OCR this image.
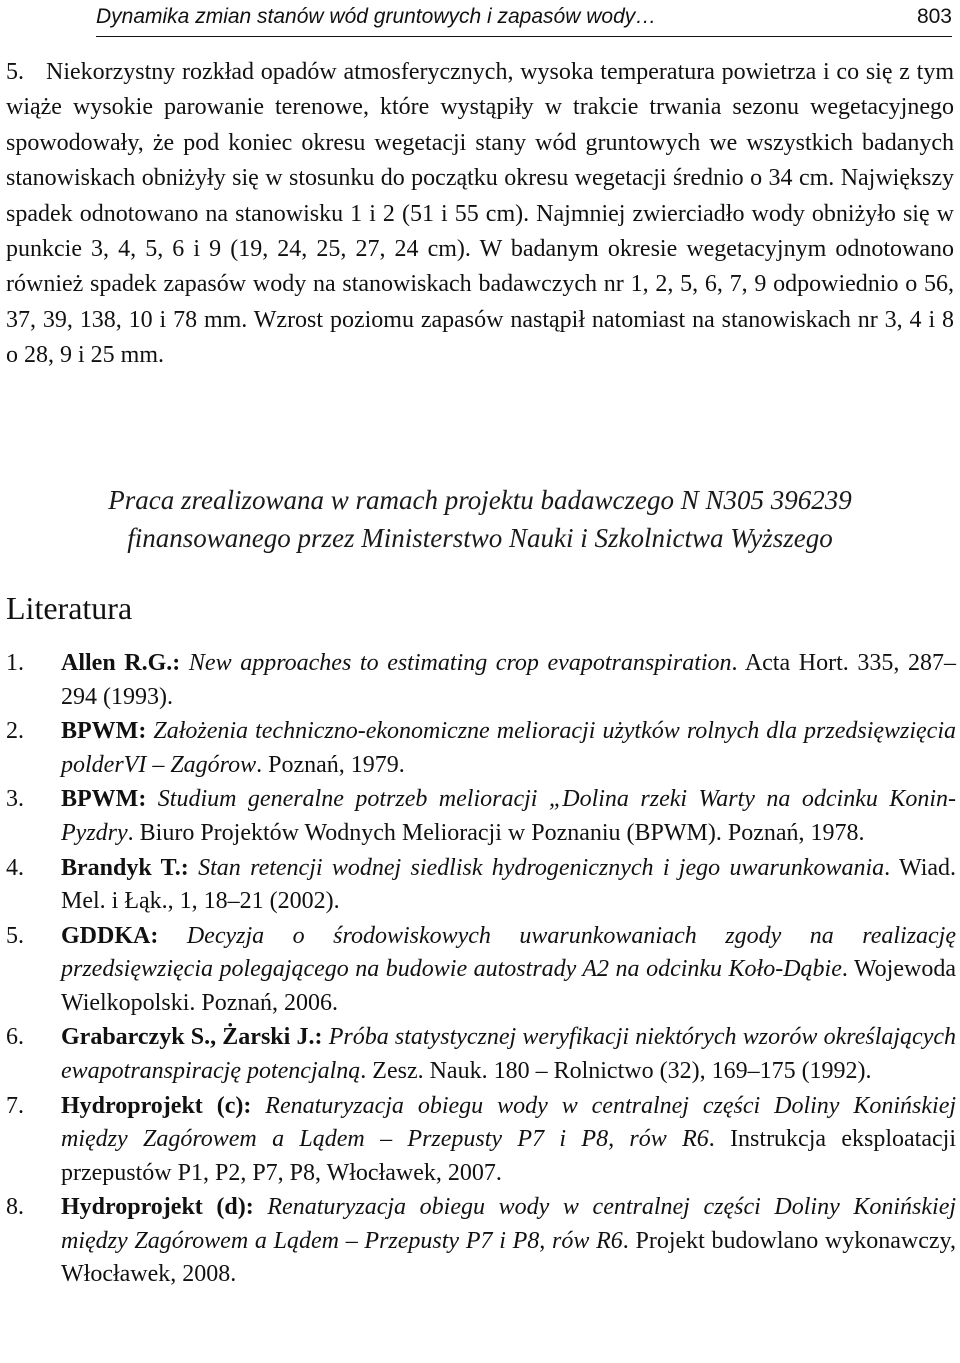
Dynamika zmian stanów wód gruntowych i zapasów wody…	803
5. Niekorzystny rozkład opadów atmosferycznych, wysoka temperatura powietrza i co się z tym wiąże wysokie parowanie terenowe, które wystąpiły w trakcie trwania sezonu wegetacyjnego spowodowały, że pod koniec okresu wegetacji stany wód gruntowych we wszystkich badanych stanowiskach obniżyły się w stosunku do początku okresu wegetacji średnio o 34 cm. Największy spadek odnotowano na stanowisku 1 i 2 (51 i 55 cm). Najmniej zwierciadło wody obniżyło się w punkcie 3, 4, 5, 6 i 9 (19, 24, 25, 27, 24 cm). W badanym okresie wegetacyjnym odnotowano również spadek zapasów wody na stanowiskach badawczych nr 1, 2, 5, 6, 7, 9 odpowiednio o 56, 37, 39, 138, 10 i 78 mm. Wzrost poziomu zapasów nastąpił natomiast na stanowiskach nr 3, 4 i 8 o 28, 9 i 25 mm.
Praca zrealizowana w ramach projektu badawczego N N305 396239
finansowanego przez Ministerstwo Nauki i Szkolnictwa Wyższego
Literatura
1. Allen R.G.: New approaches to estimating crop evapotranspiration. Acta Hort. 335, 287–294 (1993).
2. BPWM: Założenia techniczno-ekonomiczne melioracji użytków rolnych dla przedsięwzięcia polderVI – Zagórow. Poznań, 1979.
3. BPWM: Studium generalne potrzeb melioracji „Dolina rzeki Warty na odcinku Konin-Pyzdry. Biuro Projektów Wodnych Melioracji w Poznaniu (BPWM). Poznań, 1978.
4. Brandyk T.: Stan retencji wodnej siedlisk hydrogenicznych i jego uwarunkowania. Wiad. Mel. i Łąk., 1, 18–21 (2002).
5. GDDKA: Decyzja o środowiskowych uwarunkowaniach zgody na realizację przedsięwzięcia polegającego na budowie autostrady A2 na odcinku Koło-Dąbie. Wojewoda Wielkopolski. Poznań, 2006.
6. Grabarczyk S., Żarski J.: Próba statystycznej weryfikacji niektórych wzorów określających ewapotranspirację potencjalną. Zesz. Nauk. 180 – Rolnictwo (32), 169–175 (1992).
7. Hydroprojekt (c): Renaturyzacja obiegu wody w centralnej części Doliny Konińskiej między Zagórowem a Lądem – Przepusty P7 i P8, rów R6. Instrukcja eksploatacji przepustów P1, P2, P7, P8, Włocławek, 2007.
8. Hydroprojekt (d): Renaturyzacja obiegu wody w centralnej części Doliny Konińskiej między Zagórowem a Lądem – Przepusty P7 i P8, rów R6. Projekt budowlano wykonawczy, Włocławek, 2008.
